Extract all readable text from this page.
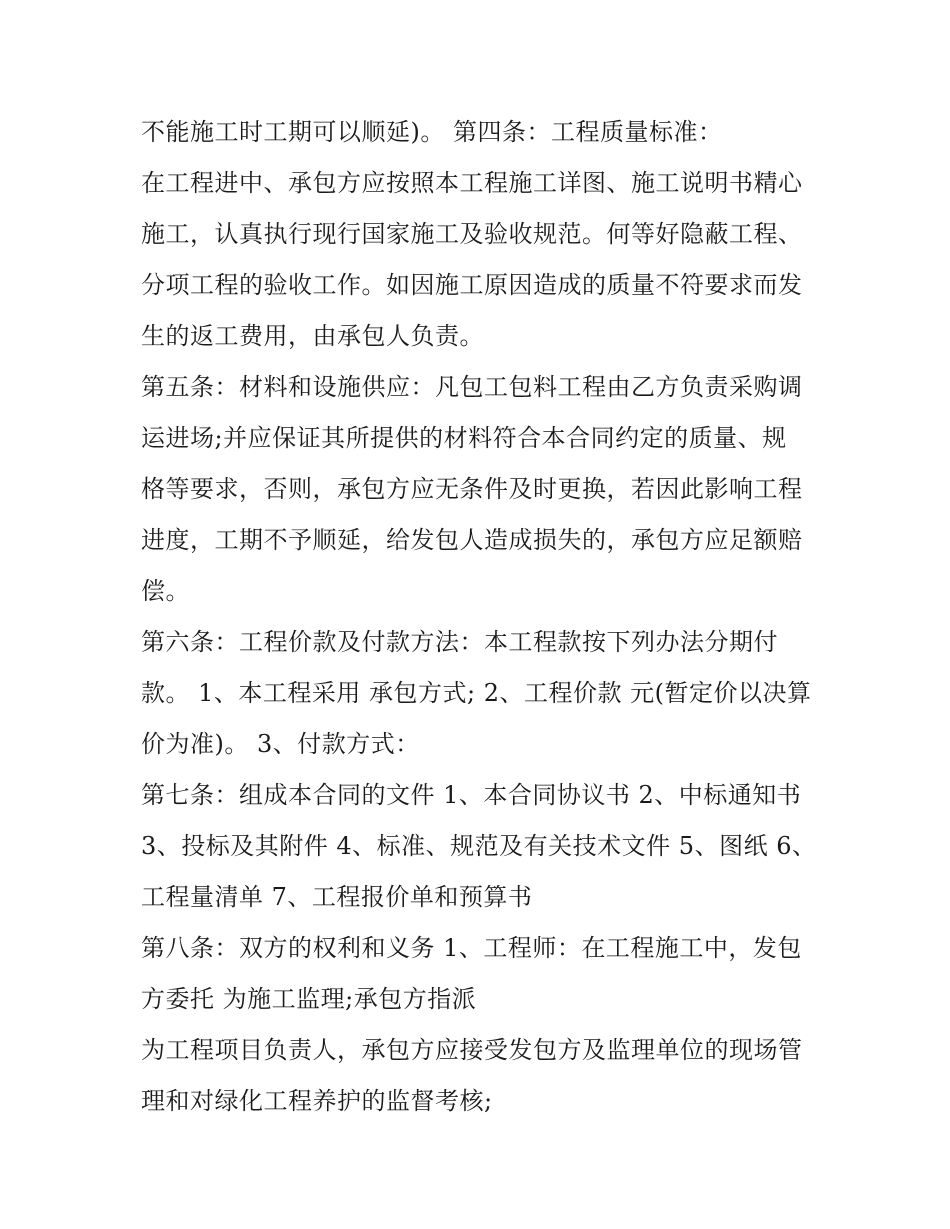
不能施工时工期可以顺延)。 第四条：工程质量标准：
在工程进中、承包方应按照本工程施工详图、施工说明书精心
施工，认真执行现行国家施工及验收规范。何等好隐蔽工程、
分项工程的验收工作。如因施工原因造成的质量不符要求而发
生的返工费用，由承包人负责。
第五条：材料和设施供应：凡包工包料工程由乙方负责采购调
运进场;并应保证其所提供的材料符合本合同约定的质量、规
格等要求，否则，承包方应无条件及时更换，若因此影响工程
进度，工期不予顺延，给发包人造成损失的，承包方应足额赔
偿。
第六条：工程价款及付款方法：本工程款按下列办法分期付
款。 1、本工程采用 承包方式; 2、工程价款 元(暂定价以决算
价为准)。 3、付款方式：
第七条：组成本合同的文件 1、本合同协议书 2、中标通知书
3、投标及其附件 4、标准、规范及有关技术文件 5、图纸 6、
工程量清单 7、工程报价单和预算书
第八条：双方的权利和义务 1、工程师：在工程施工中，发包
方委托 为施工监理;承包方指派
为工程项目负责人，承包方应接受发包方及监理单位的现场管
理和对绿化工程养护的监督考核;
